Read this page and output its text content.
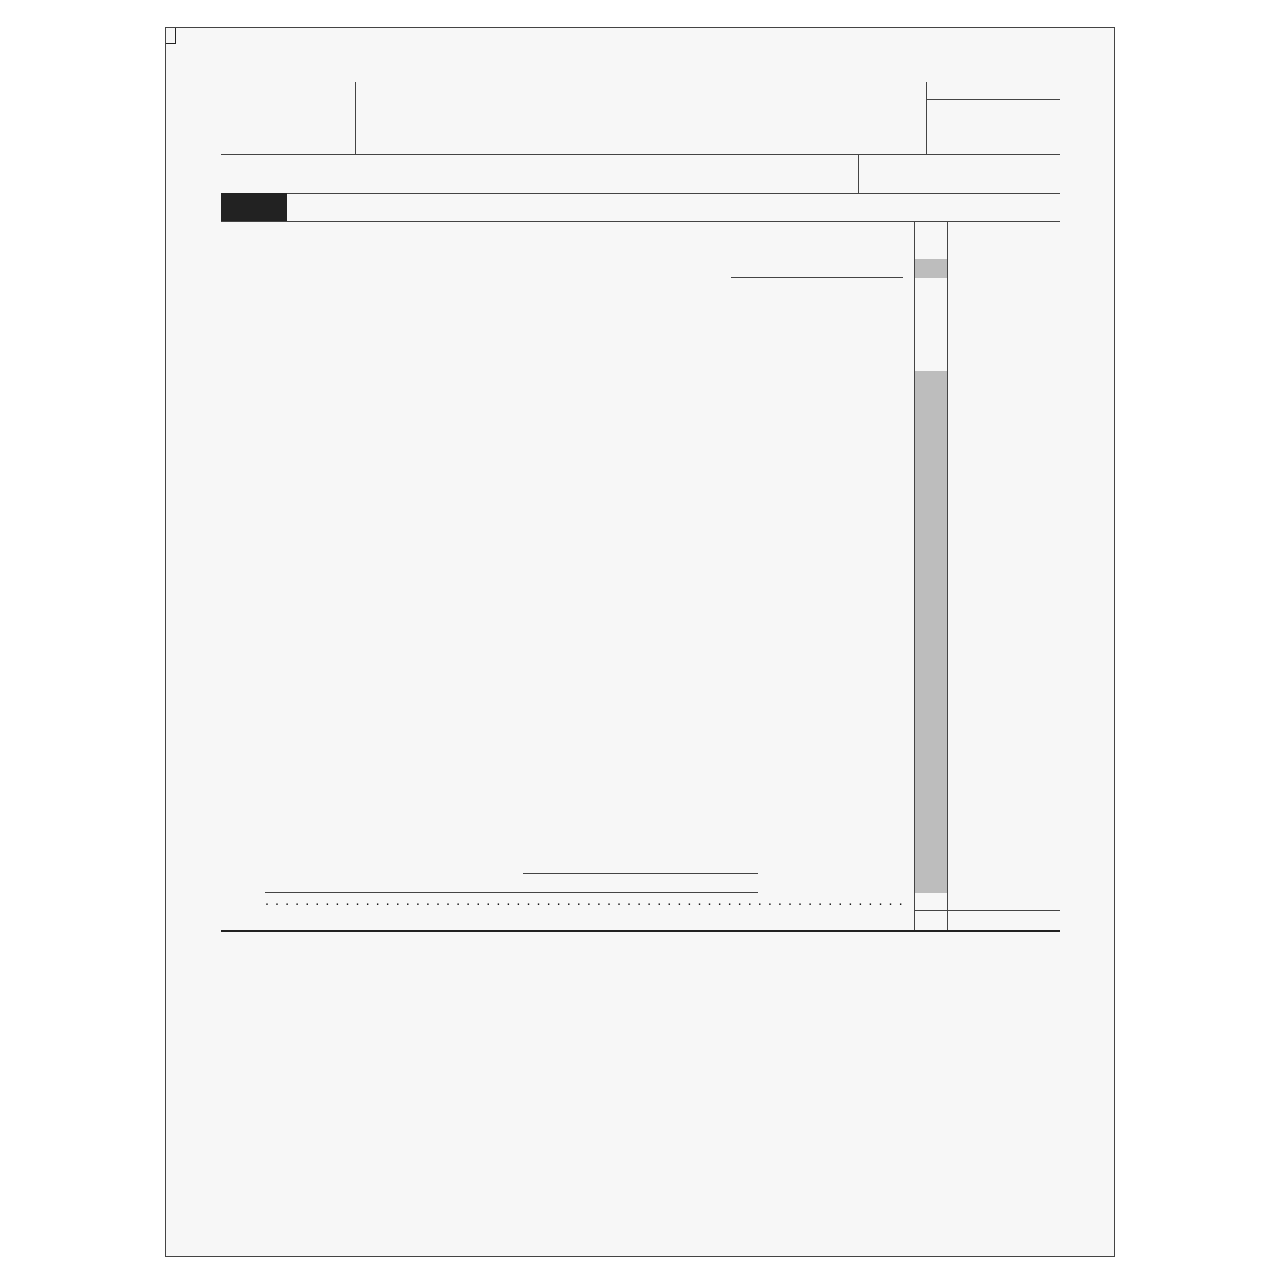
. . .
